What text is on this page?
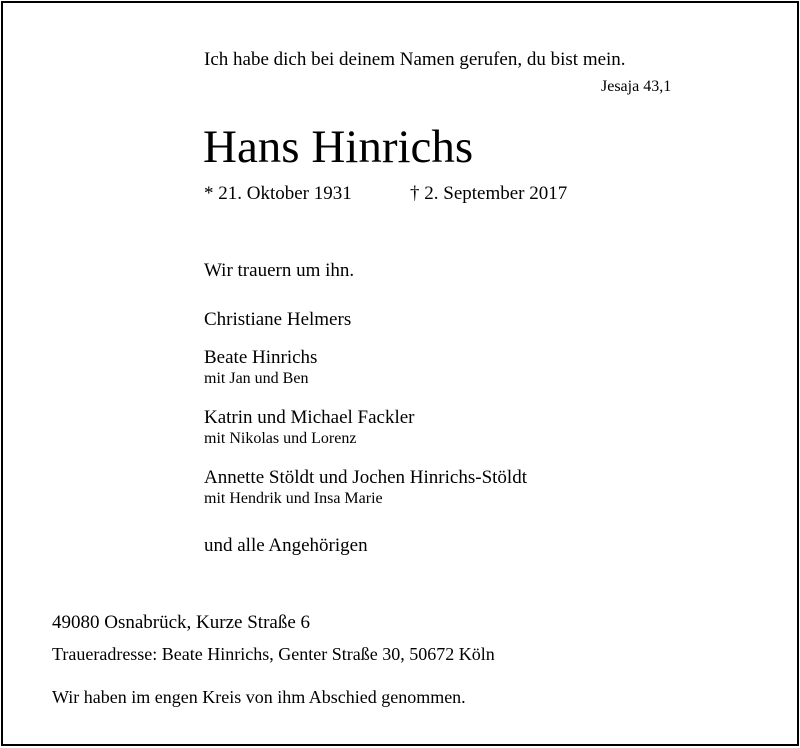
Ich habe dich bei deinem Namen gerufen, du bist mein.
Jesaja 43,1
Hans Hinrichs
* 21. Oktober 1931	† 2. September 2017
Wir trauern um ihn.
Christiane Helmers
Beate Hinrichs
mit Jan und Ben
Katrin und Michael Fackler
mit Nikolas und Lorenz
Annette Stöldt und Jochen Hinrichs-Stöldt
mit Hendrik und Insa Marie
und alle Angehörigen
49080 Osnabrück, Kurze Straße 6
Traueradresse: Beate Hinrichs, Genter Straße 30, 50672 Köln
Wir haben im engen Kreis von ihm Abschied genommen.
